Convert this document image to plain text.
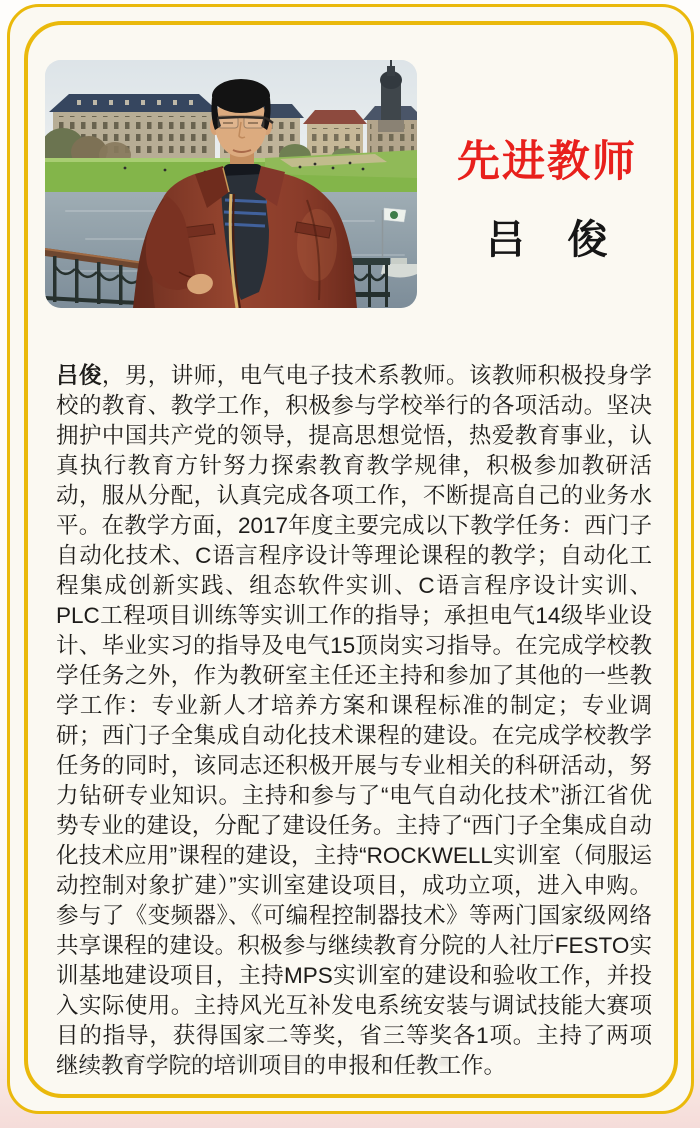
先进教师
吕　俊

吕俊，男，讲师，电气电子技术系教师。该教师积极投身学校的教育、教学工作，积极参与学校举行的各项活动。坚决拥护中国共产党的领导，提高思想觉悟，热爱教育事业，认真执行教育方针努力探索教育教学规律，积极参加教研活动，服从分配，认真完成各项工作，不断提高自己的业务水平。在教学方面，2017年度主要完成以下教学任务：西门子自动化技术、C语言程序设计等理论课程的教学；自动化工程集成创新实践、组态软件实训、C语言程序设计实训、PLC工程项目训练等实训工作的指导；承担电气14级毕业设计、毕业实习的指导及电气15顶岗实习指导。在完成学校教学任务之外，作为教研室主任还主持和参加了其他的一些教学工作：专业新人才培养方案和课程标准的制定；专业调研；西门子全集成自动化技术课程的建设。在完成学校教学任务的同时，该同志还积极开展与专业相关的科研活动，努力钻研专业知识。主持和参与了“电气自动化技术”浙江省优势专业的建设，分配了建设任务。主持了“西门子全集成自动化技术应用”课程的建设，主持“ROCKWELL实训室（伺服运动控制对象扩建）”实训室建设项目，成功立项，进入申购。参与了《变频器》、《可编程控制器技术》等两门国家级网络共享课程的建设。积极参与继续教育分院的人社厅FESTO实训基地建设项目，主持MPS实训室的建设和验收工作，并投入实际使用。主持风光互补发电系统安装与调试技能大赛项目的指导，获得国家二等奖，省三等奖各1项。主持了两项继续教育学院的培训项目的申报和任教工作。
